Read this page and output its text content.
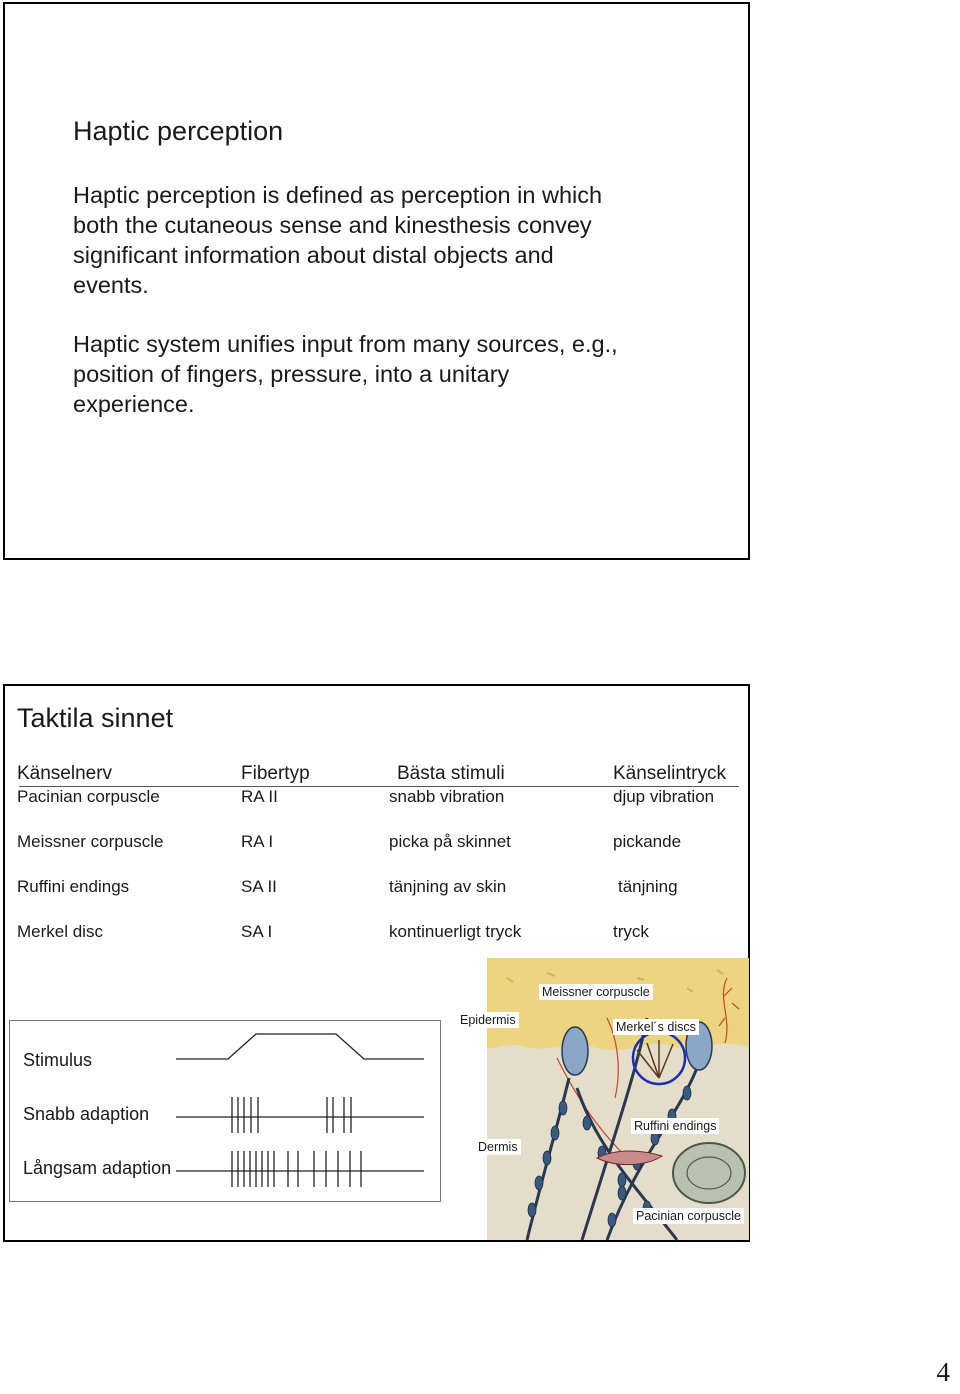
Haptic perception
Haptic perception is defined as perception in which
both the cutaneous sense and kinesthesis convey
significant information about distal objects and
events.
Haptic system unifies input from many sources, e.g.,
position of fingers, pressure, into a unitary
experience.
Taktila sinnet
Känselnerv	Fibertyp	Bästa stimuli	Känselintryck
Pacinian corpuscle	RA II	snabb vibration	djup vibration
Meissner corpuscle	RA I	picka på skinnet	pickande
Ruffini endings	SA II	tänjning av skin	tänjning
Merkel disc	SA I	kontinuerligt tryck	tryck
Stimulus
Snabb adaption
Långsam adaption
Meissner corpuscle
Epidermis	Merkel´s discs
Dermis
Ruffini endings
Pacinian corpuscle
4
